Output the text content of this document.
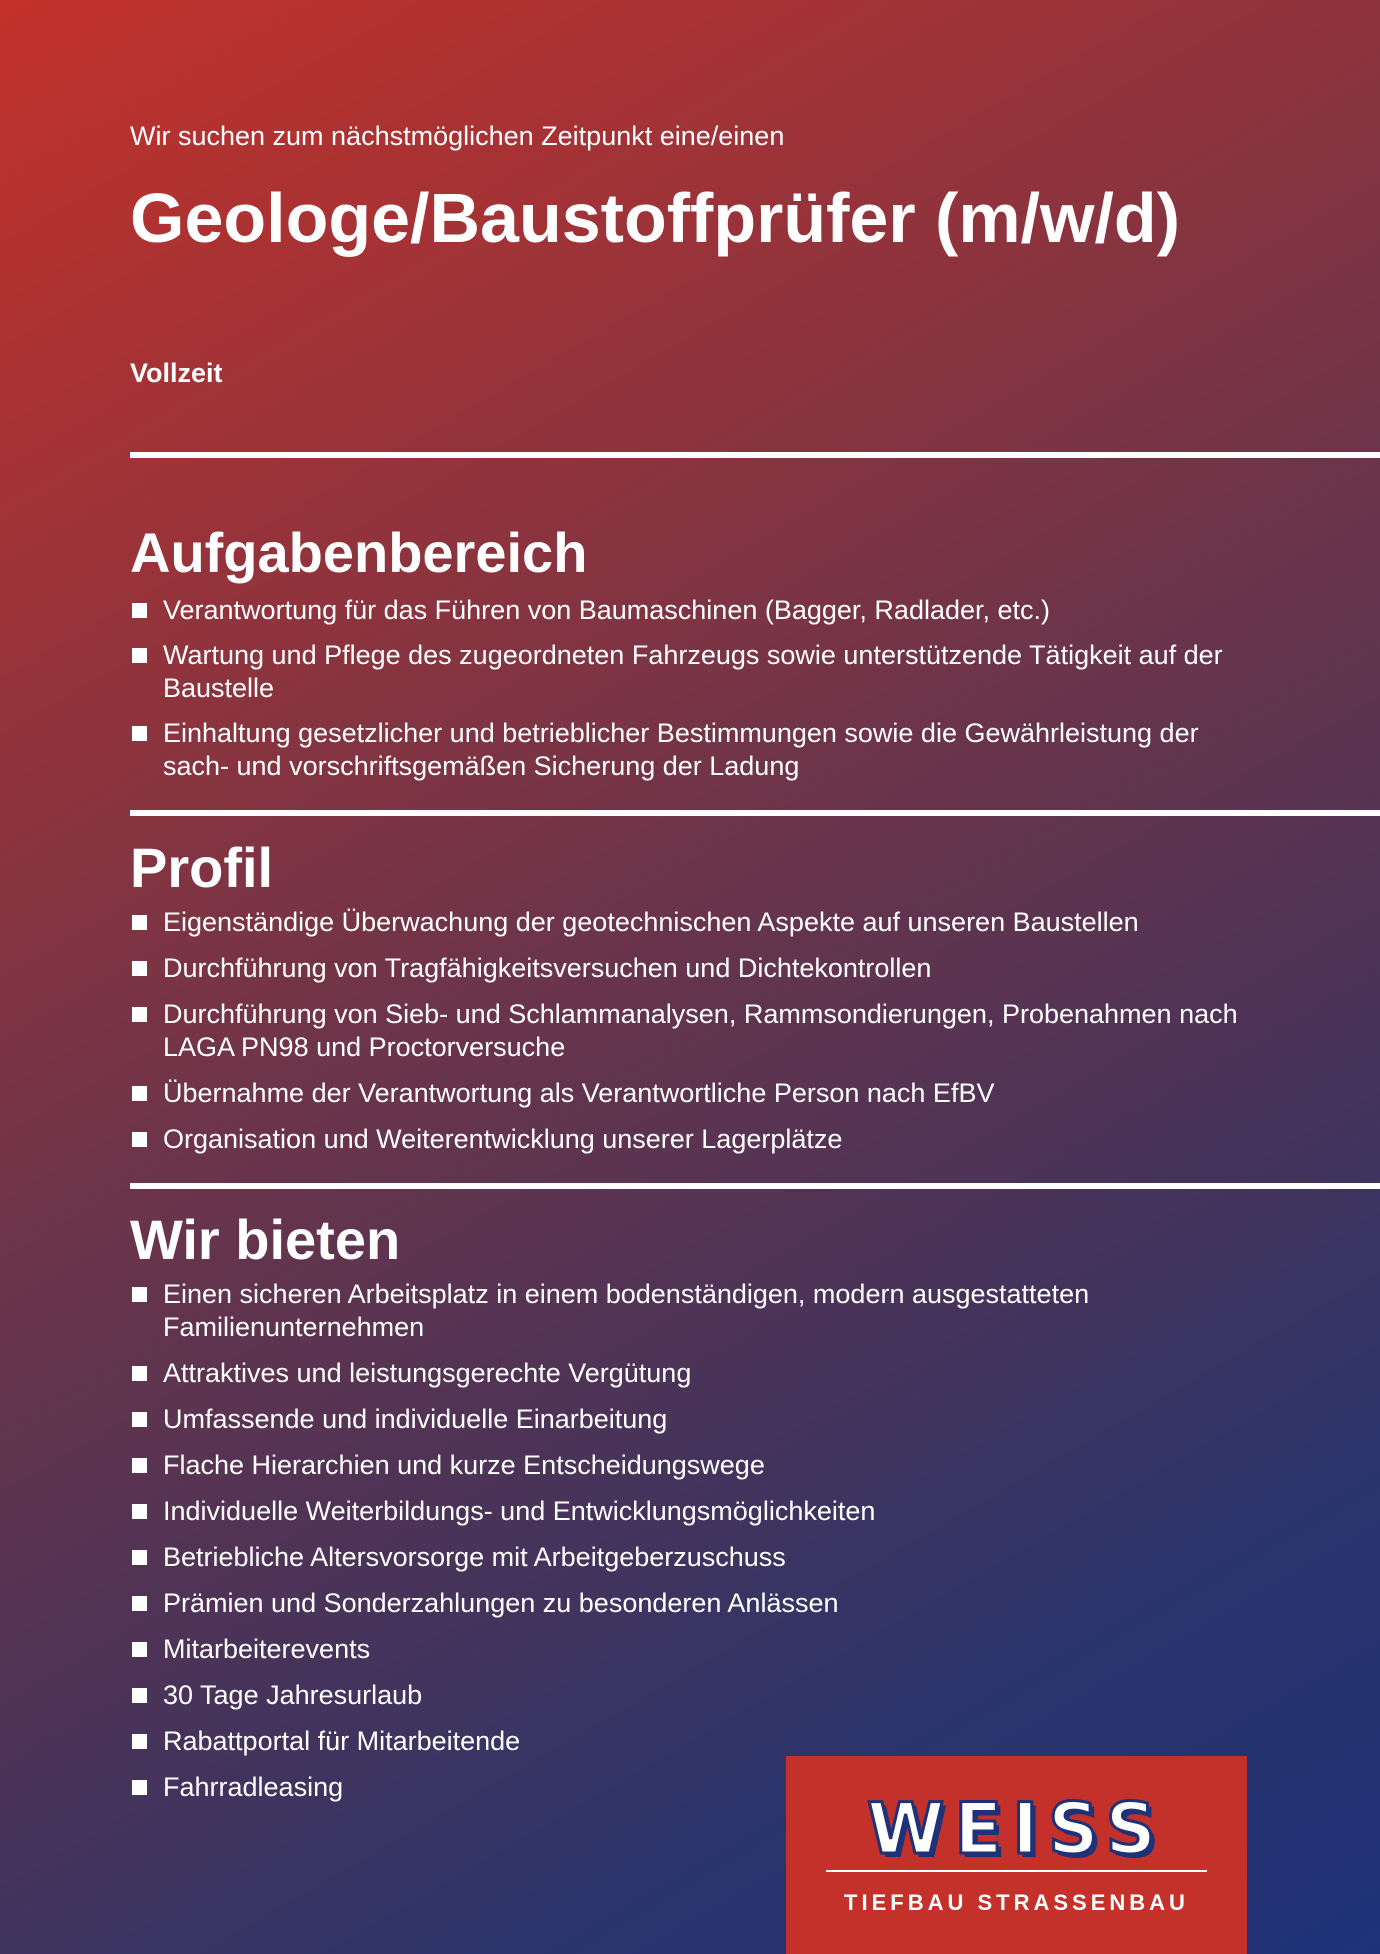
Wir suchen zum nächstmöglichen Zeitpunkt eine/einen
Geologe/Baustoffprüfer (m/w/d)
Vollzeit
Aufgabenbereich
Verantwortung für das Führen von Baumaschinen (Bagger, Radlader, etc.)
Wartung und Pflege des zugeordneten Fahrzeugs sowie unterstützende Tätigkeit auf der Baustelle
Einhaltung gesetzlicher und betrieblicher Bestimmungen sowie die Gewährleistung der sach- und vorschriftsgemäßen Sicherung der Ladung
Profil
Eigenständige Überwachung der geotechnischen Aspekte auf unseren Baustellen
Durchführung von Tragfähigkeitsversuchen und Dichtekontrollen
Durchführung von Sieb- und Schlammanalysen, Rammsondierungen, Probenahmen nach LAGA PN98 und Proctorversuche
Übernahme der Verantwortung als Verantwortliche Person nach EfBV
Organisation und Weiterentwicklung unserer Lagerplätze
Wir bieten
Einen sicheren Arbeitsplatz in einem bodenständigen, modern ausgestatteten Familienunternehmen
Attraktives und leistungsgerechte Vergütung
Umfassende und individuelle Einarbeitung
Flache Hierarchien und kurze Entscheidungswege
Individuelle Weiterbildungs- und Entwicklungsmöglichkeiten
Betriebliche Altersvorsorge mit Arbeitgeberzuschuss
Prämien und Sonderzahlungen zu besonderen Anlässen
Mitarbeiterevents
30 Tage Jahresurlaub
Rabattportal für Mitarbeitende
Fahrradleasing
WEISS
TIEFBAU STRASSENBAU
